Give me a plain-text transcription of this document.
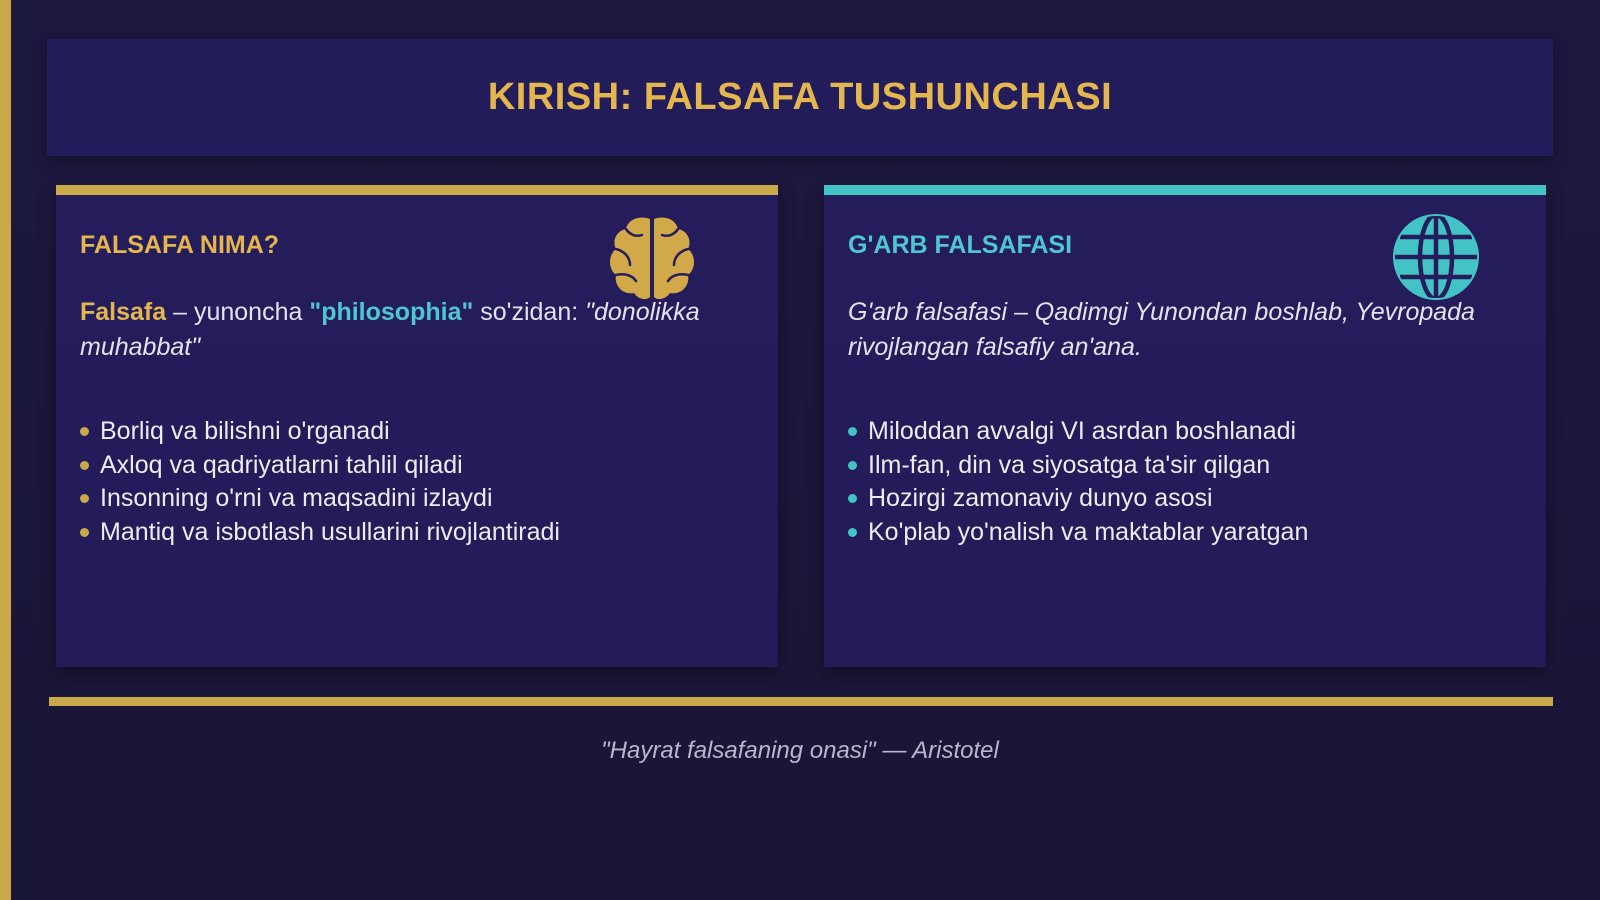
KIRISH: FALSAFA TUSHUNCHASI
FALSAFA NIMA?
Falsafa – yunoncha "philosophia" so'zidan: "donolikka muhabbat"
Borliq va bilishni o'rganadi
Axloq va qadriyatlarni tahlil qiladi
Insonning o'rni va maqsadini izlaydi
Mantiq va isbotlash usullarini rivojlantiradi
G'ARB FALSAFASI
G'arb falsafasi – Qadimgi Yunondan boshlab, Yevropada rivojlangan falsafiy an'ana.
Miloddan avvalgi VI asrdan boshlanadi
Ilm-fan, din va siyosatga ta'sir qilgan
Hozirgi zamonaviy dunyo asosi
Ko'plab yo'nalish va maktablar yaratgan
"Hayrat falsafaning onasi" — Aristotel
